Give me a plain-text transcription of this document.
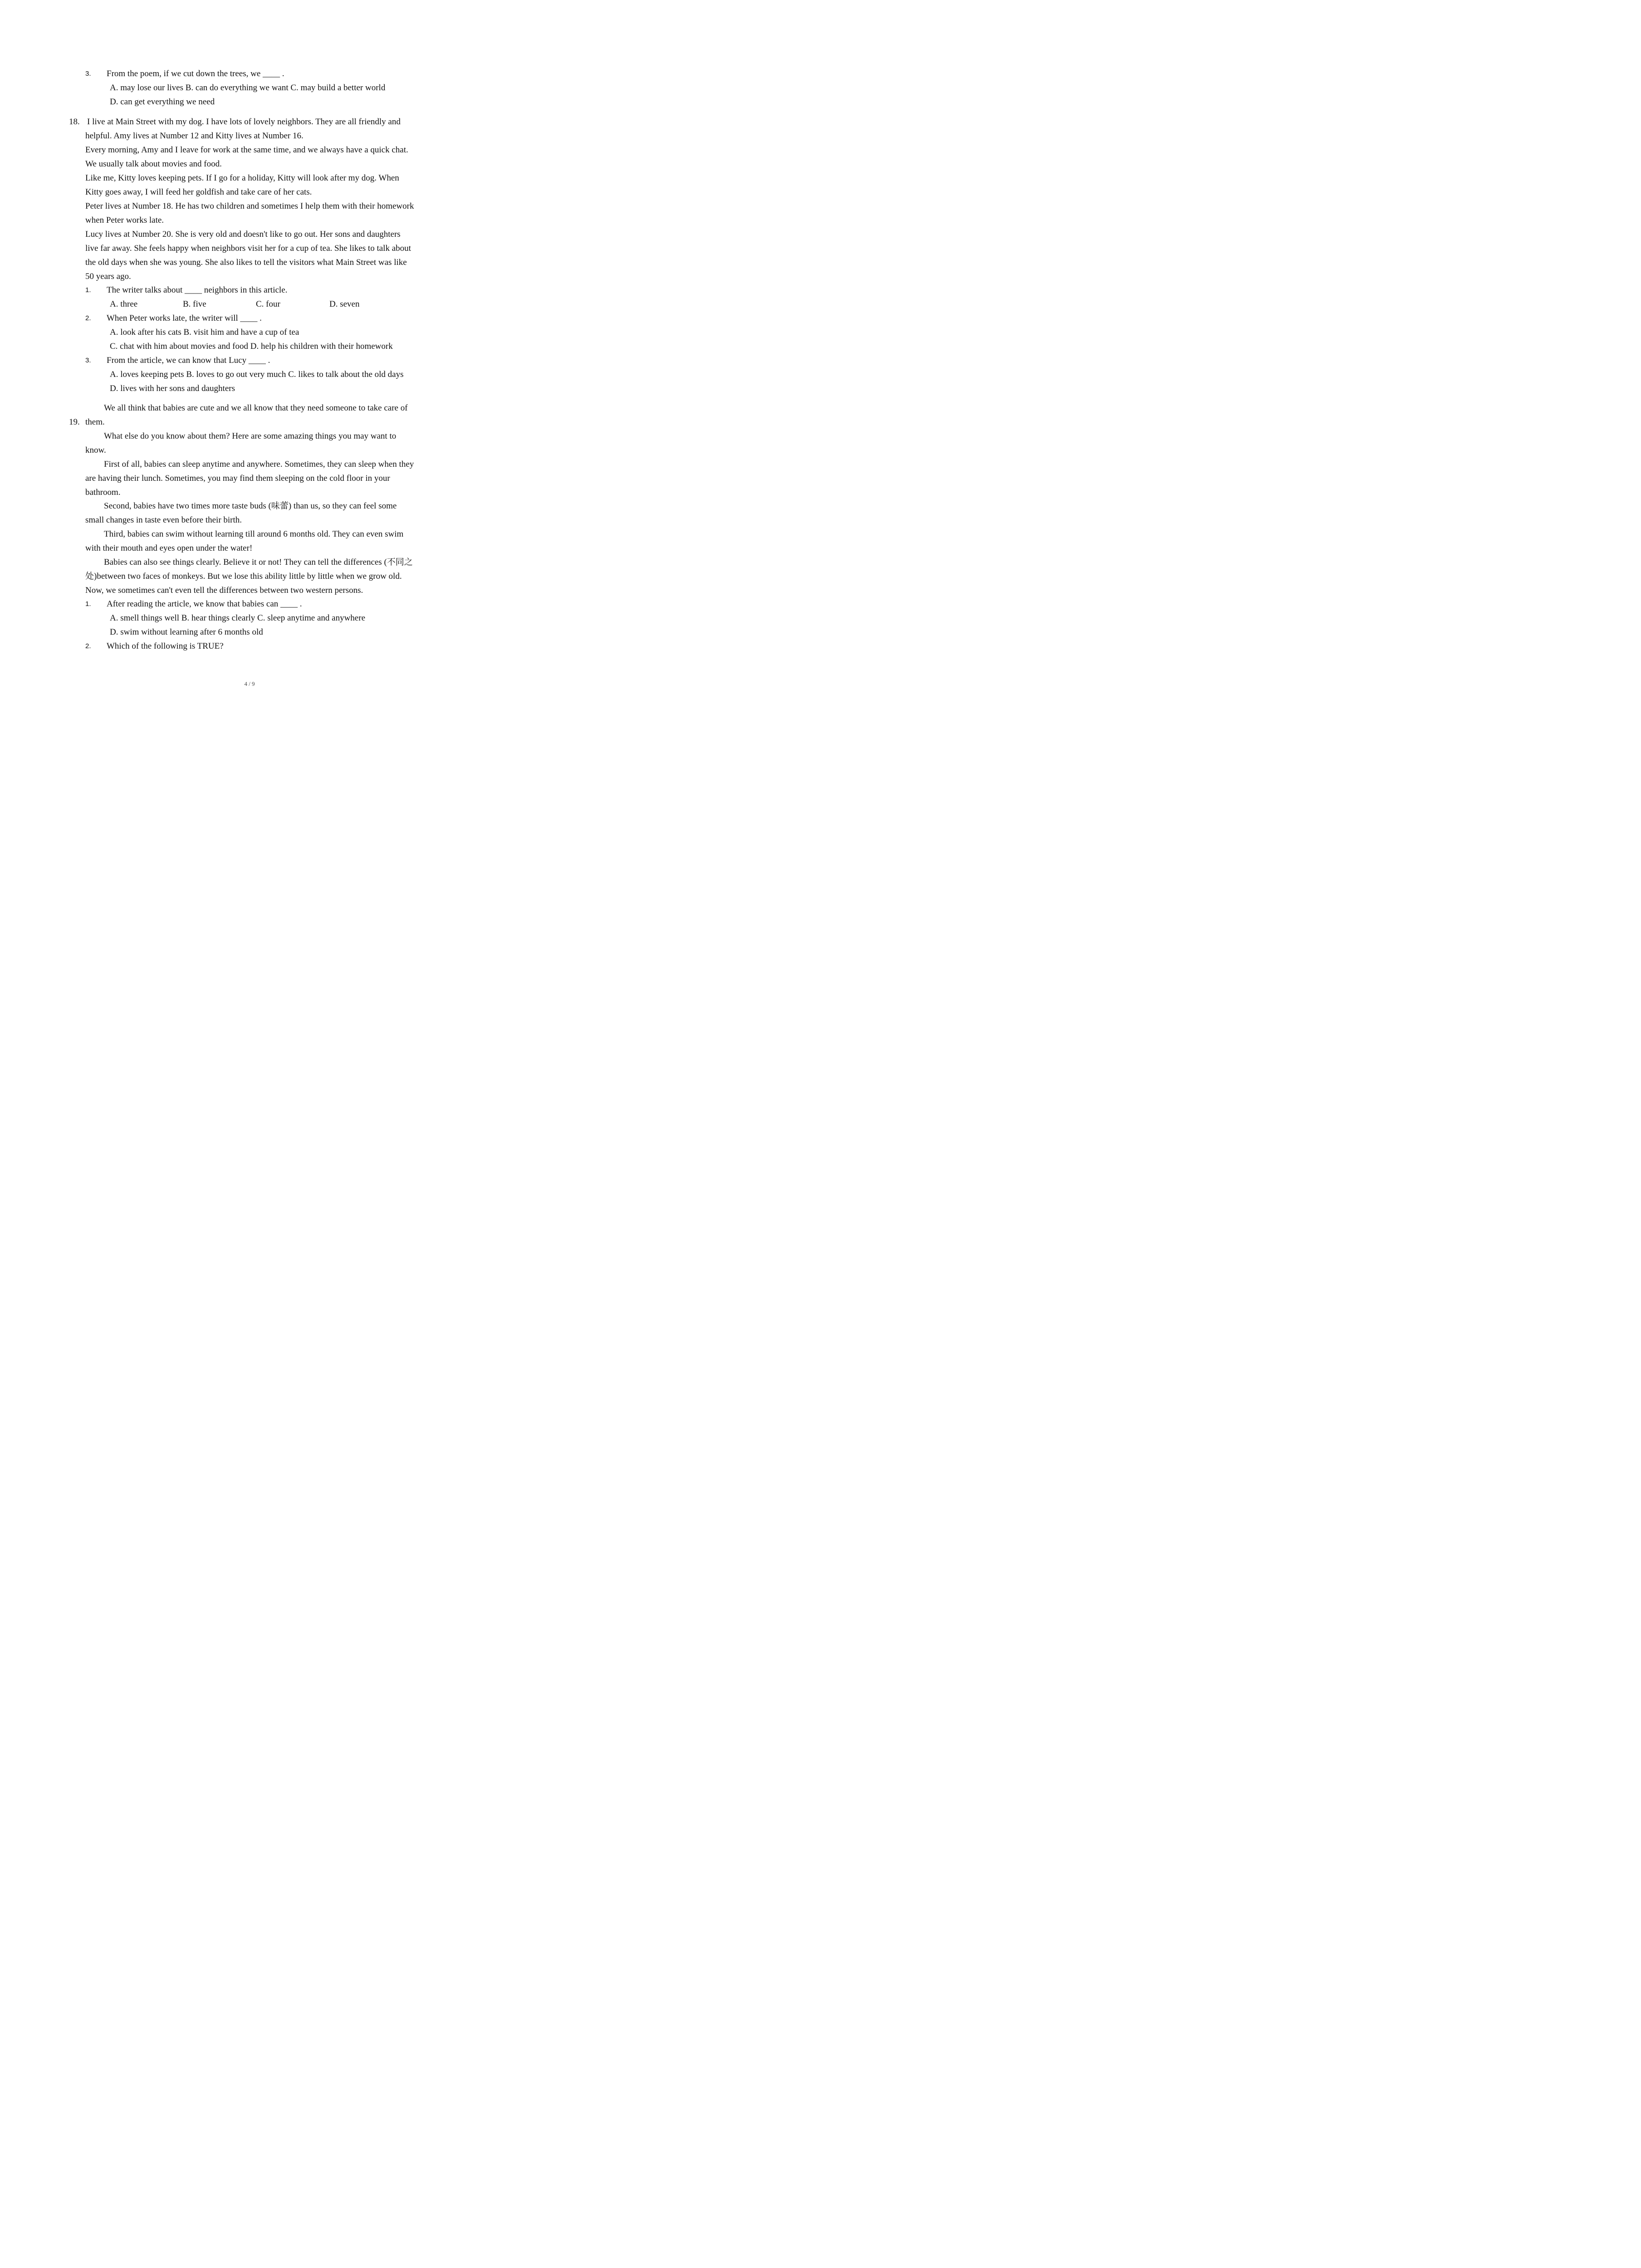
3. From the poem, if we cut down the trees, we ____ .
A. may lose our lives B. can do everything we want C. may build a better world
D. can get everything we need
18. I live at Main Street with my dog. I have lots of lovely neighbors. They are all friendly and
helpful. Amy lives at Number 12 and Kitty lives at Number 16.
Every morning, Amy and I leave for work at the same time, and we always have a quick chat.
We usually talk about movies and food.
Like me, Kitty loves keeping pets. If I go for a holiday, Kitty will look after my dog. When
Kitty goes away, I will feed her goldfish and take care of her cats.
Peter lives at Number 18. He has two children and sometimes I help them with their homework
when Peter works late.
Lucy lives at Number 20. She is very old and doesn't like to go out. Her sons and daughters
live far away. She feels happy when neighbors visit her for a cup of tea. She likes to talk about
the old days when she was young. She also likes to tell the visitors what Main Street was like
50 years ago.
1. The writer talks about ____ neighbors in this article.
A. three	B. five	C. four	D. seven
2. When Peter works late, the writer will ____ .
A. look after his cats B. visit him and have a cup of tea
C. chat with him about movies and food D. help his children with their homework
3. From the article, we can know that Lucy ____ .
A. loves keeping pets B. loves to go out very much C. likes to talk about the old days
D. lives with her sons and daughters
We all think that babies are cute and we all know that they need someone to take care of
19. them.
What else do you know about them? Here are some amazing things you may want to
know.
First of all, babies can sleep anytime and anywhere. Sometimes, they can sleep when they
are having their lunch. Sometimes, you may find them sleeping on the cold floor in your
bathroom.
Second, babies have two times more taste buds (味蕾) than us, so they can feel some
small changes in taste even before their birth.
Third, babies can swim without learning till around 6 months old. They can even swim
with their mouth and eyes open under the water!
Babies can also see things clearly. Believe it or not! They can tell the differences (不同之
处)between two faces of monkeys. But we lose this ability little by little when we grow old.
Now, we sometimes can't even tell the differences between two western persons.
1. After reading the article, we know that babies can ____ .
A. smell things well B. hear things clearly C. sleep anytime and anywhere
D. swim without learning after 6 months old
2. Which of the following is TRUE?
4 / 9
